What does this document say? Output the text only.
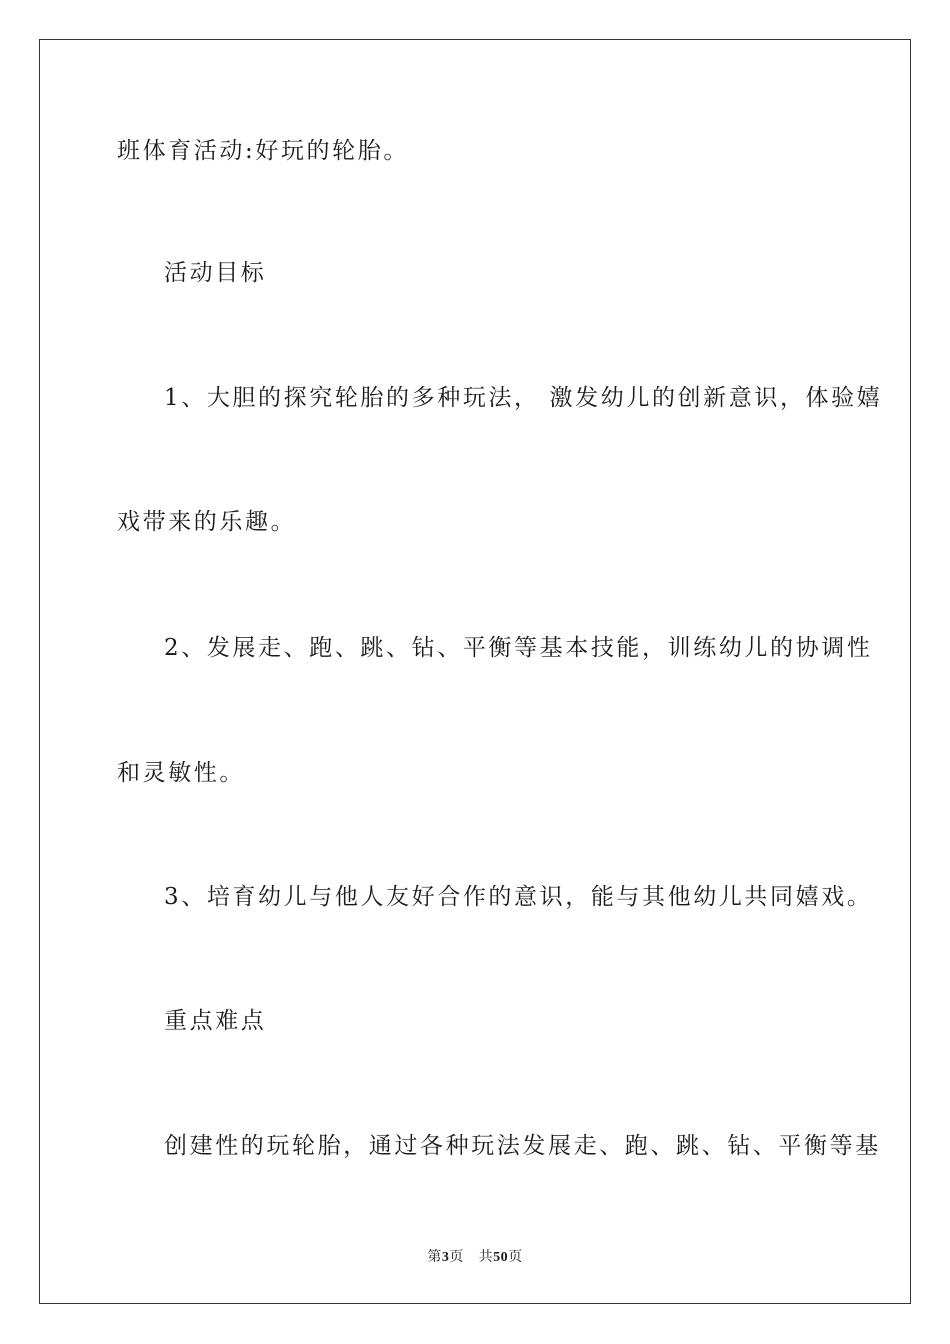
班体育活动:好玩的轮胎。
活动目标
1、大胆的探究轮胎的多种玩法， 激发幼儿的创新意识，体验嬉
戏带来的乐趣。
2、发展走、跑、跳、钻、平衡等基本技能，训练幼儿的协调性
和灵敏性。
3、培育幼儿与他人友好合作的意识，能与其他幼儿共同嬉戏。
重点难点
创建性的玩轮胎，通过各种玩法发展走、跑、跳、钻、平衡等基
第3页 共50页
